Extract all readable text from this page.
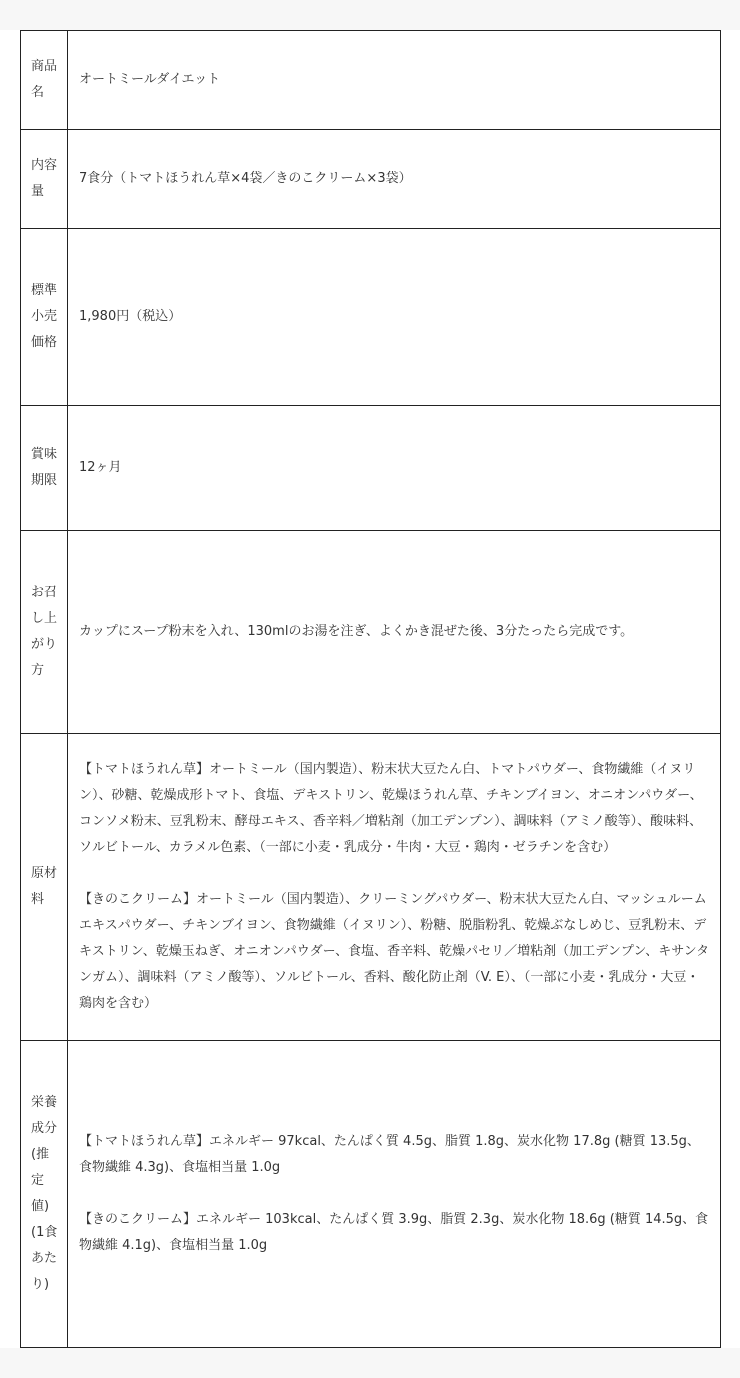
商品名	オートミールダイエット

内容量	7食分（トマトほうれん草×4袋／きのこクリーム×3袋）

標準小売価格	1,980円（税込）

賞味期限	12ヶ月

お召し上がり方	カップにスープ粉末を入れ、130mlのお湯を注ぎ、よくかき混ぜた後、3分たったら完成です。

原材料	【トマトほうれん草】オートミール（国内製造）、粉末状大豆たん白、トマトパウダー、食物繊維（イヌリン）、砂糖、乾燥成形トマト、食塩、デキストリン、乾燥ほうれん草、チキンブイヨン、オニオンパウダー、コンソメ粉末、豆乳粉末、酵母エキス、香辛料／増粘剤（加工デンプン）、調味料（アミノ酸等）、酸味料、ソルビトール、カラメル色素、（一部に小麦・乳成分・牛肉・大豆・鶏肉・ゼラチンを含む）
【きのこクリーム】オートミール（国内製造）、クリーミングパウダー、粉末状大豆たん白、マッシュルームエキスパウダー、チキンブイヨン、食物繊維（イヌリン）、粉糖、脱脂粉乳、乾燥ぶなしめじ、豆乳粉末、デキストリン、乾燥玉ねぎ、オニオンパウダー、食塩、香辛料、乾燥パセリ／増粘剤（加工デンプン、キサンタンガム）、調味料（アミノ酸等）、ソルビトール、香料、酸化防止剤（V. E）、（一部に小麦・乳成分・大豆・鶏肉を含む）

栄養成分(推定値)(1食あたり)	【トマトほうれん草】エネルギー 97kcal、たんぱく質 4.5g、脂質 1.8g、炭水化物 17.8g (糖質 13.5g、食物繊維 4.3g)、食塩相当量 1.0g
【きのこクリーム】エネルギー 103kcal、たんぱく質 3.9g、脂質 2.3g、炭水化物 18.6g (糖質 14.5g、食物繊維 4.1g)、食塩相当量 1.0g
